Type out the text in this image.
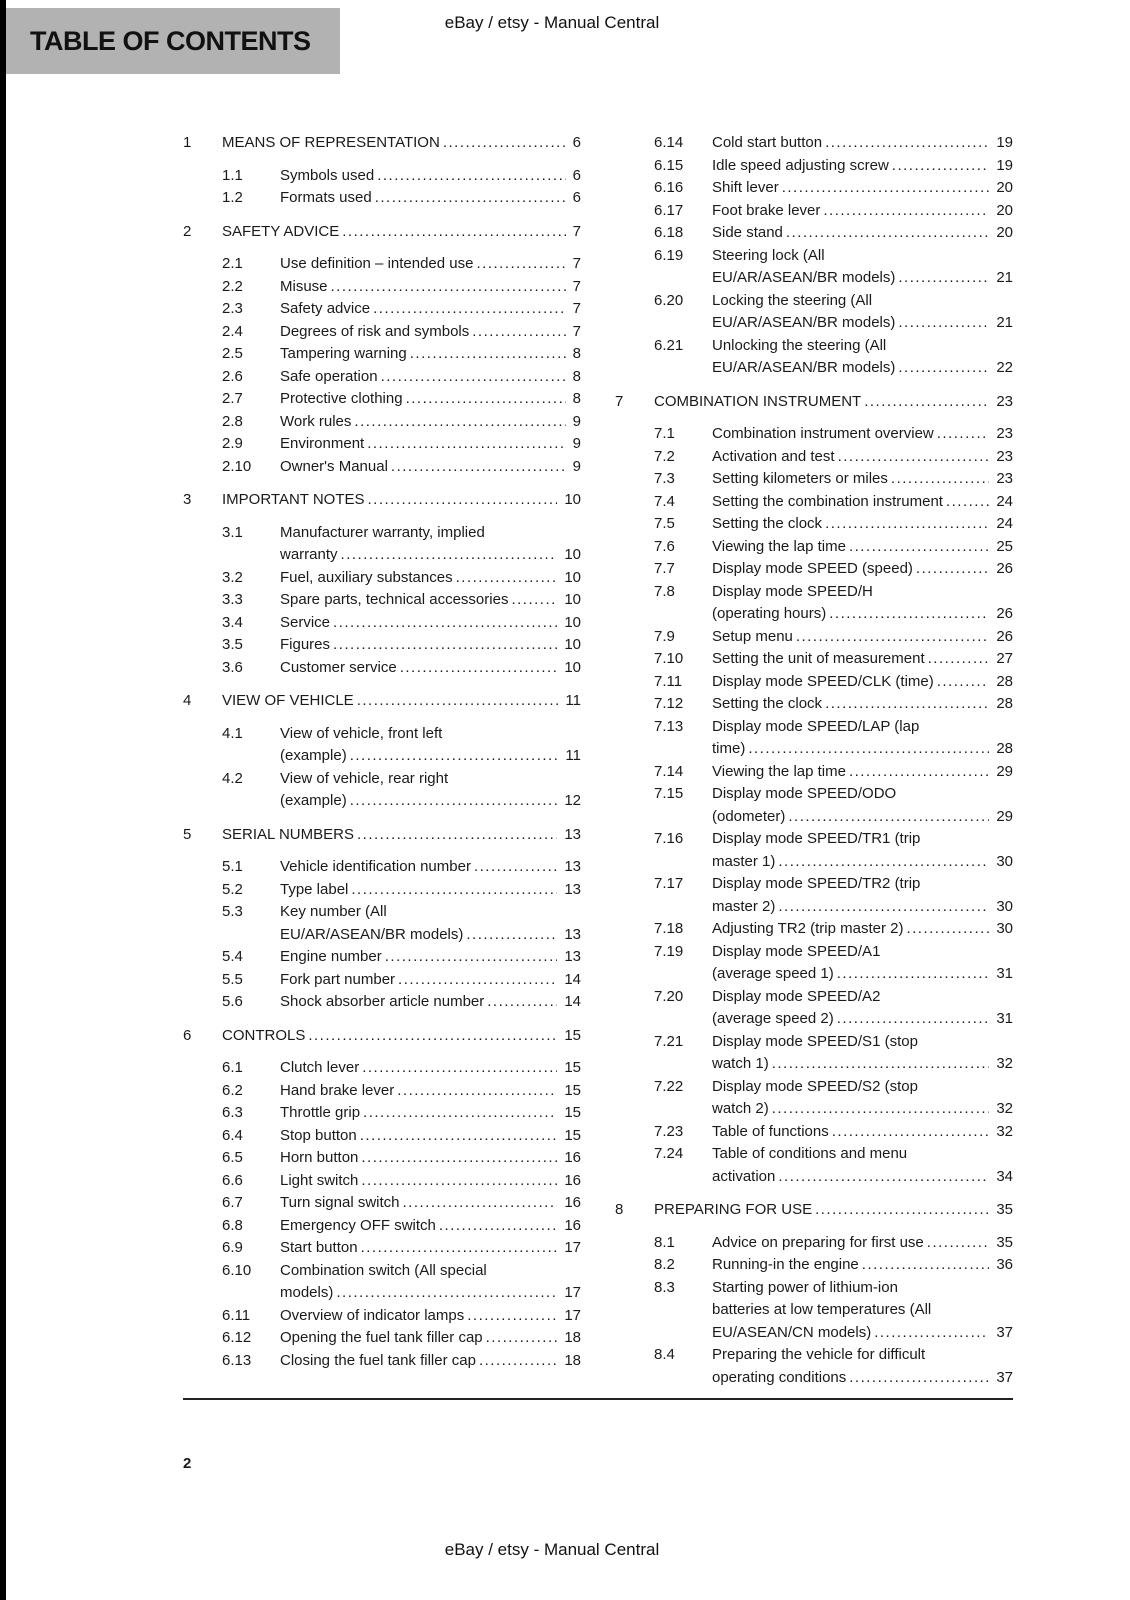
TABLE OF CONTENTS
eBay / etsy - Manual Central
1	MEANS OF REPRESENTATION .....	6
1.1	Symbols used .....	6
1.2	Formats used .....	6
2	SAFETY ADVICE .....	7
2.1	Use definition – intended use .....	7
2.2	Misuse .....	7
2.3	Safety advice .....	7
2.4	Degrees of risk and symbols .....	7
2.5	Tampering warning .....	8
2.6	Safe operation .....	8
2.7	Protective clothing .....	8
2.8	Work rules .....	9
2.9	Environment .....	9
2.10	Owner's Manual .....	9
3	IMPORTANT NOTES .....	10
3.1	Manufacturer warranty, implied warranty .....	10
3.2	Fuel, auxiliary substances .....	10
3.3	Spare parts, technical accessories .....	10
3.4	Service .....	10
3.5	Figures .....	10
3.6	Customer service .....	10
4	VIEW OF VEHICLE .....	11
4.1	View of vehicle, front left (example) .....	11
4.2	View of vehicle, rear right (example) .....	12
5	SERIAL NUMBERS .....	13
5.1	Vehicle identification number .....	13
5.2	Type label .....	13
5.3	Key number (All EU/AR/ASEAN/BR models) .....	13
5.4	Engine number .....	13
5.5	Fork part number .....	14
5.6	Shock absorber article number .....	14
6	CONTROLS .....	15
6.1	Clutch lever .....	15
6.2	Hand brake lever .....	15
6.3	Throttle grip .....	15
6.4	Stop button .....	15
6.5	Horn button .....	16
6.6	Light switch .....	16
6.7	Turn signal switch .....	16
6.8	Emergency OFF switch .....	16
6.9	Start button .....	17
6.10	Combination switch (All special models) .....	17
6.11	Overview of indicator lamps .....	17
6.12	Opening the fuel tank filler cap .....	18
6.13	Closing the fuel tank filler cap .....	18
6.14	Cold start button .....	19
6.15	Idle speed adjusting screw .....	19
6.16	Shift lever .....	20
6.17	Foot brake lever .....	20
6.18	Side stand .....	20
6.19	Steering lock (All EU/AR/ASEAN/BR models) .....	21
6.20	Locking the steering (All EU/AR/ASEAN/BR models) .....	21
6.21	Unlocking the steering (All EU/AR/ASEAN/BR models) .....	22
7	COMBINATION INSTRUMENT .....	23
7.1	Combination instrument overview .....	23
7.2	Activation and test .....	23
7.3	Setting kilometers or miles .....	23
7.4	Setting the combination instrument .....	24
7.5	Setting the clock .....	24
7.6	Viewing the lap time .....	25
7.7	Display mode SPEED (speed) .....	26
7.8	Display mode SPEED/H (operating hours) .....	26
7.9	Setup menu .....	26
7.10	Setting the unit of measurement .....	27
7.11	Display mode SPEED/CLK (time) .....	28
7.12	Setting the clock .....	28
7.13	Display mode SPEED/LAP (lap time) .....	28
7.14	Viewing the lap time .....	29
7.15	Display mode SPEED/ODO (odometer) .....	29
7.16	Display mode SPEED/TR1 (trip master 1) .....	30
7.17	Display mode SPEED/TR2 (trip master 2) .....	30
7.18	Adjusting TR2 (trip master 2) .....	30
7.19	Display mode SPEED/A1 (average speed 1) .....	31
7.20	Display mode SPEED/A2 (average speed 2) .....	31
7.21	Display mode SPEED/S1 (stop watch 1) .....	32
7.22	Display mode SPEED/S2 (stop watch 2) .....	32
7.23	Table of functions .....	32
7.24	Table of conditions and menu activation .....	34
8	PREPARING FOR USE .....	35
8.1	Advice on preparing for first use .....	35
8.2	Running-in the engine .....	36
8.3	Starting power of lithium-ion batteries at low temperatures (All EU/ASEAN/CN models) .....	37
8.4	Preparing the vehicle for difficult operating conditions .....	37
2
eBay / etsy - Manual Central
